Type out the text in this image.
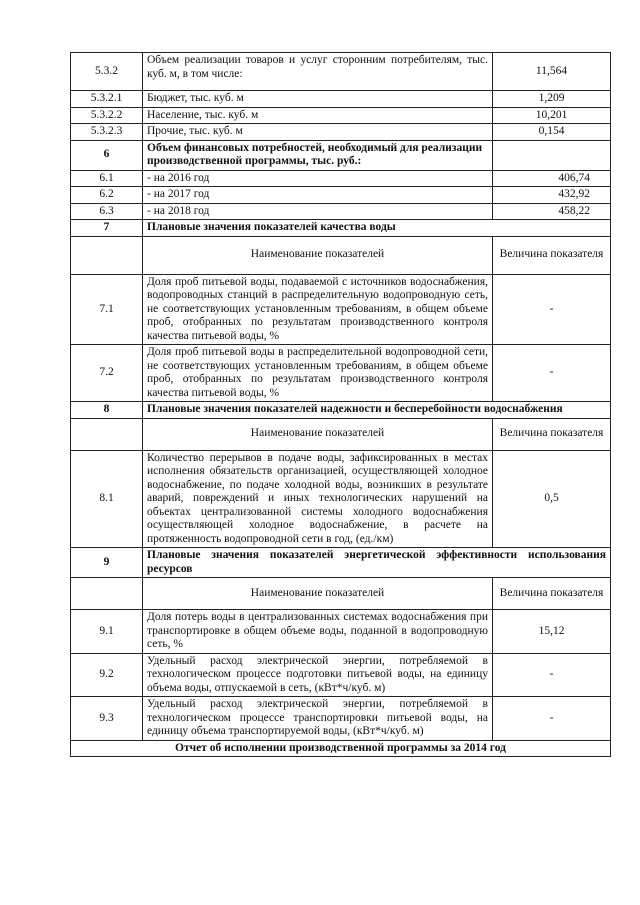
5.3.2	Объем реализации товаров и услуг сторонним потребителям, тыс. куб. м, в том числе:	11,564
5.3.2.1	Бюджет, тыс. куб. м	1,209
5.3.2.2	Население, тыс. куб. м	10,201
5.3.2.3	Прочие, тыс. куб. м	0,154
6	Объем финансовых потребностей, необходимый для реализации производственной программы, тыс. руб.:	
6.1	- на 2016 год	406,74
6.2	- на 2017 год	432,92
6.3	- на 2018 год	458,22
7	Плановые значения показателей качества воды	
	Наименование показателей	Величина показателя
7.1	Доля проб питьевой воды, подаваемой с источников водоснабжения, водопроводных станций в распределительную водопроводную сеть, не соответствующих установленным требованиям, в общем объеме проб, отобранных по результатам производственного контроля качества питьевой воды, %	-
7.2	Доля проб питьевой воды в распределительной водопроводной сети, не соответствующих установленным требованиям, в общем объеме проб, отобранных по результатам производственного контроля качества питьевой воды, %	-
8	Плановые значения показателей надежности и бесперебойности водоснабжения	
	Наименование показателей	Величина показателя
8.1	Количество перерывов в подаче воды, зафиксированных в местах исполнения обязательств организацией, осуществляющей холодное водоснабжение, по подаче холодной воды, возникших в результате аварий, повреждений и иных технологических нарушений на объектах централизованной системы холодного водоснабжения осуществляющей холодное водоснабжение, в расчете на протяженность водопроводной сети в год, (ед./км)	0,5
9	Плановые значения показателей энергетической эффективности использования ресурсов	
	Наименование показателей	Величина показателя
9.1	Доля потерь воды в централизованных системах водоснабжения при транспортировке в общем объеме воды, поданной в водопроводную сеть, %	15,12
9.2	Удельный расход электрической энергии, потребляемой в технологическом процессе подготовки питьевой воды, на единицу объема воды, отпускаемой в сеть, (кВт*ч/куб. м)	-
9.3	Удельный расход электрической энергии, потребляемой в технологическом процессе транспортировки питьевой воды, на единицу объема транспортируемой воды, (кВт*ч/куб. м)	-
Отчет об исполнении производственной программы за 2014 год		
